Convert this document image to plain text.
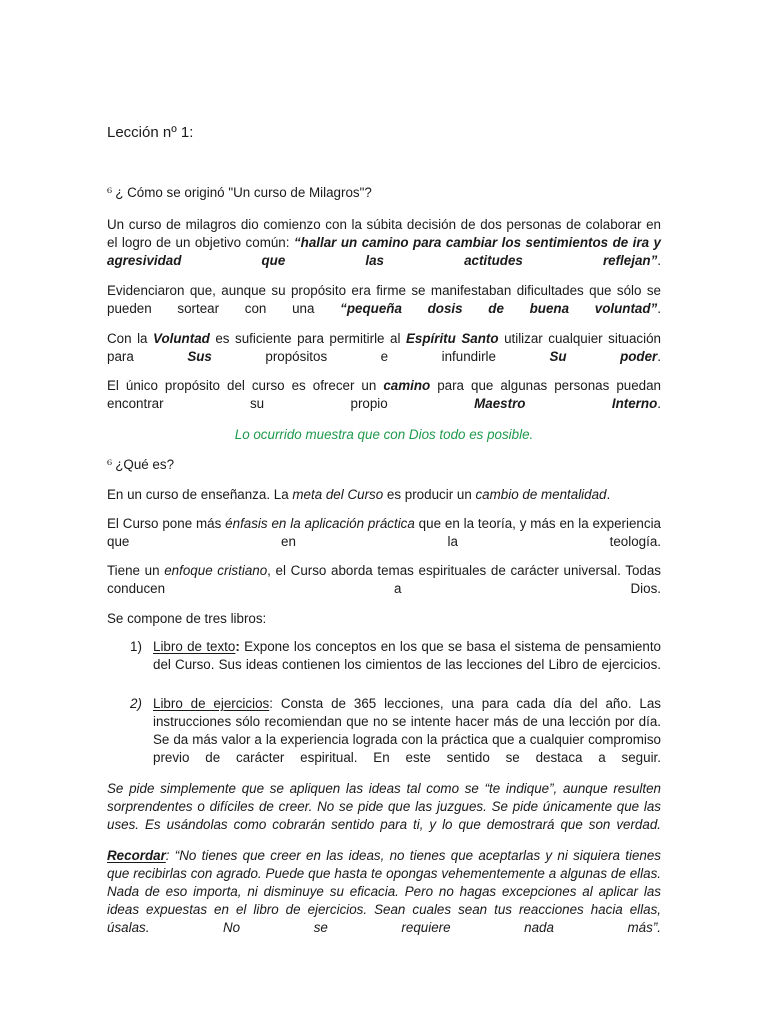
Lección nº 1:

⁶ ¿ Cómo se originó "Un curso de Milagros"?

Un curso de milagros dio comienzo con la súbita decisión de dos personas de colaborar en el logro de un objetivo común: “hallar un camino para cambiar los sentimientos de ira y agresividad que las actitudes reflejan”.

Evidenciaron que, aunque su propósito era firme se manifestaban dificultades que sólo se pueden sortear con una “pequeña dosis de buena voluntad”.

Con la Voluntad es suficiente para permitirle al Espíritu Santo utilizar cualquier situación para Sus propósitos e infundirle Su poder.

El único propósito del curso es ofrecer un camino para que algunas personas puedan encontrar su propio Maestro Interno.

Lo ocurrido muestra que con Dios todo es posible.

⁶ ¿Qué es?

En un curso de enseñanza. La meta del Curso es producir un cambio de mentalidad.

El Curso pone más énfasis en la aplicación práctica que en la teoría, y más en la experiencia que en la teología.

Tiene un enfoque cristiano, el Curso aborda temas espirituales de carácter universal. Todas conducen a Dios.

Se compone de tres libros:

1) Libro de texto: Expone los conceptos en los que se basa el sistema de pensamiento del Curso. Sus ideas contienen los cimientos de las lecciones del Libro de ejercicios.

2) Libro de ejercicios: Consta de 365 lecciones, una para cada día del año. Las instrucciones sólo recomiendan que no se intente hacer más de una lección por día. Se da más valor a la experiencia lograda con la práctica que a cualquier compromiso previo de carácter espiritual. En este sentido se destaca a seguir.

Se pide simplemente que se apliquen las ideas tal como se “te indique”, aunque resulten sorprendentes o difíciles de creer. No se pide que las juzgues. Se pide únicamente que las uses. Es usándolas como cobrarán sentido para ti, y lo que demostrará que son verdad.

Recordar: “No tienes que creer en las ideas, no tienes que aceptarlas y ni siquiera tienes que recibirlas con agrado. Puede que hasta te opongas vehementemente a algunas de ellas. Nada de eso importa, ni disminuye su eficacia. Pero no hagas excepciones al aplicar las ideas expuestas en el libro de ejercicios. Sean cuales sean tus reacciones hacia ellas, úsalas. No se requiere nada más”.
